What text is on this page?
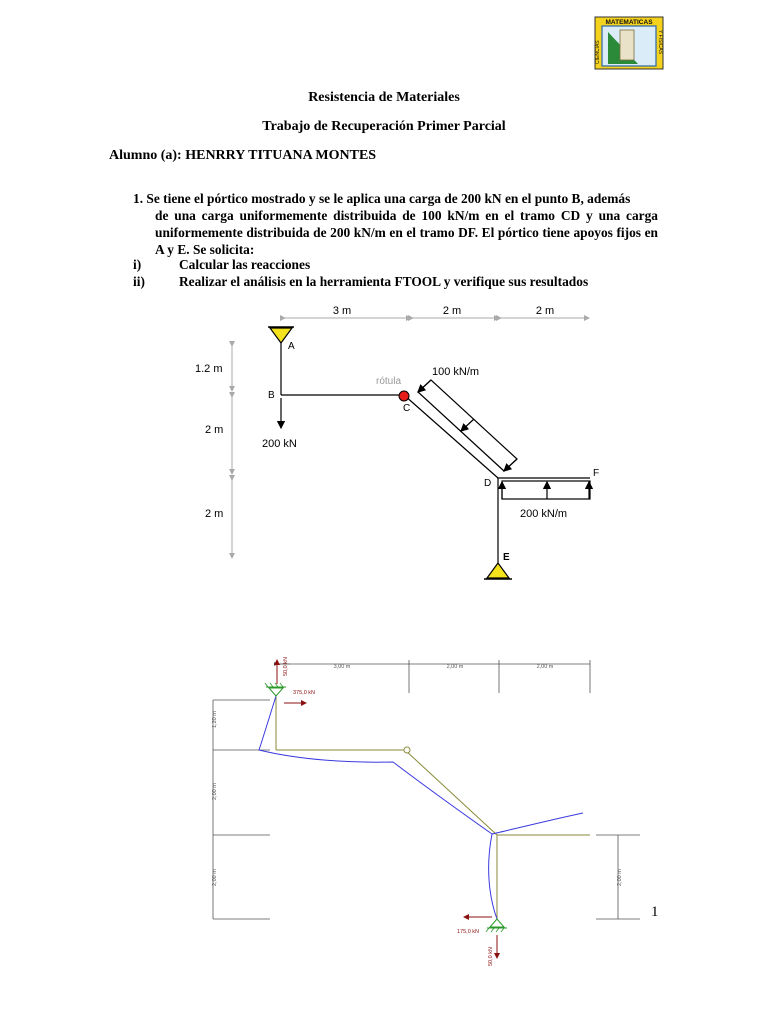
MATEMATICAS
CIENCIAS	Y FISICAS
Resistencia de Materiales
Trabajo de Recuperación Primer Parcial
Alumno (a): HENRRY TITUANA MONTES

1. Se tiene el pórtico mostrado y se le aplica una carga de 200 kN en el punto B, además

de una carga uniformemente distribuida de 100 kN/m en el tramo CD y una carga uniformemente distribuida de 200 kN/m en el tramo DF. El pórtico tiene apoyos fijos en A y E. Se solicita:

i)	Calcular las reacciones
ii)	Realizar el análisis en la herramienta FTOOL y verifique sus resultados
3 m	2 m	2 m
1.2 m
2 m
2 m
A
B
200 kN
rótula
C
100 kN/m
D
F
200 kN/m
E
3,00 m	2,00 m	2,00 m
1,20 m
2,00 m
2,00 m	2,00 m
50,0 kN
375,0 kN
175,0 kN
50,0 kN
1
